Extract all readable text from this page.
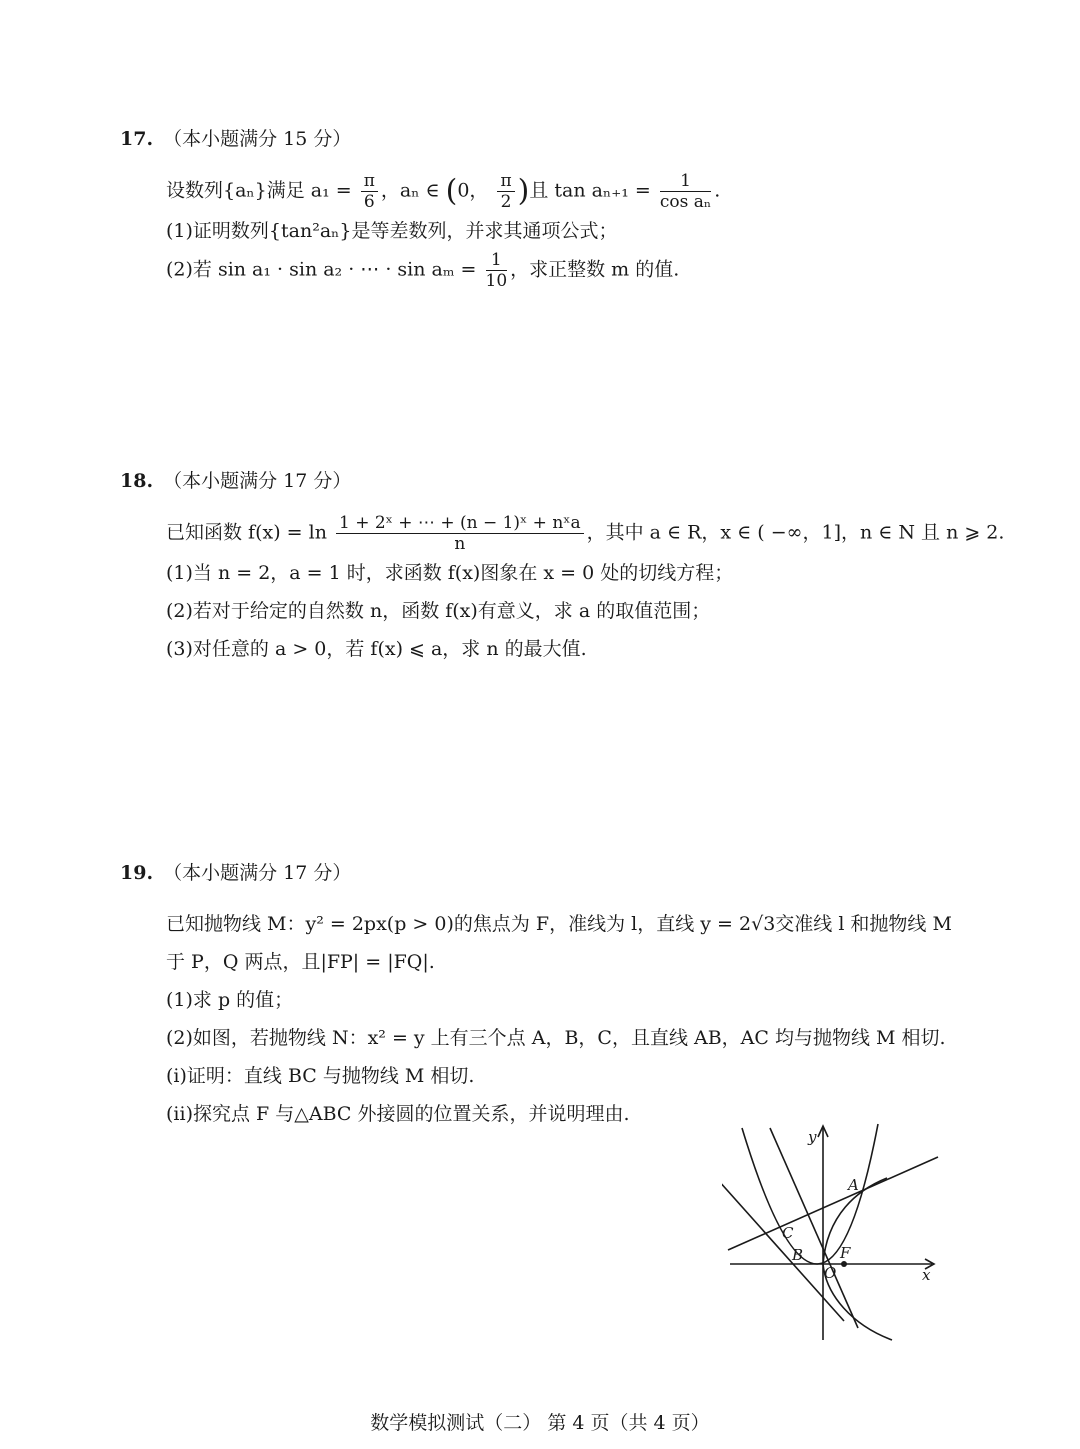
17. （本小题满分 15 分）
设数列{aₙ}满足 $a_1 = \frac{\pi}{6}$ ，aₙ ∈ (0， $\frac{\pi}{2}$ )且 $\tan a_{n+1} = \frac{1}{\text{cos aₙ}}$ .
(1)证明数列{tan²aₙ}是等差数列，并求其通项公式；
(2)若 sin a₁ · sin a₂ · ⋯ · $\sin a_m = \frac{1}{10}$ ，求正整数 m 的值.
18. （本小题满分 17 分）
已知函数 $f(x) = \ln \frac{\text{1 + 2ˣ + ⋯ + (n − 1)ˣ + nˣa}}{n}$ ，其中 a ∈ R，x ∈ ( −∞，1]，n ∈ N 且 n ⩾ 2.
(1)当 n = 2，a = 1 时，求函数 f(x)图象在 x = 0 处的切线方程；
(2)若对于给定的自然数 n，函数 f(x)有意义，求 a 的取值范围；
(3)对任意的 a > 0，若 f(x) ⩽ a，求 n 的最大值.
19. （本小题满分 17 分）
已知抛物线 M：y² = 2px(p > 0)的焦点为 F，准线为 l，直线 y = 2√3交准线 l 和抛物线 M
于 P，Q 两点，且|FP| = |FQ|.
(1)求 p 的值；
(2)如图，若抛物线 N：x² = y 上有三个点 A，B，C，且直线 AB，AC 均与抛物线 M 相切.
(i)证明：直线 BC 与抛物线 M 相切.
(ii)探究点 F 与△ABC 外接圆的位置关系，并说明理由.
y
x
A
B
C
F
O
数学模拟测试（二） 第 4 页（共 4 页）
